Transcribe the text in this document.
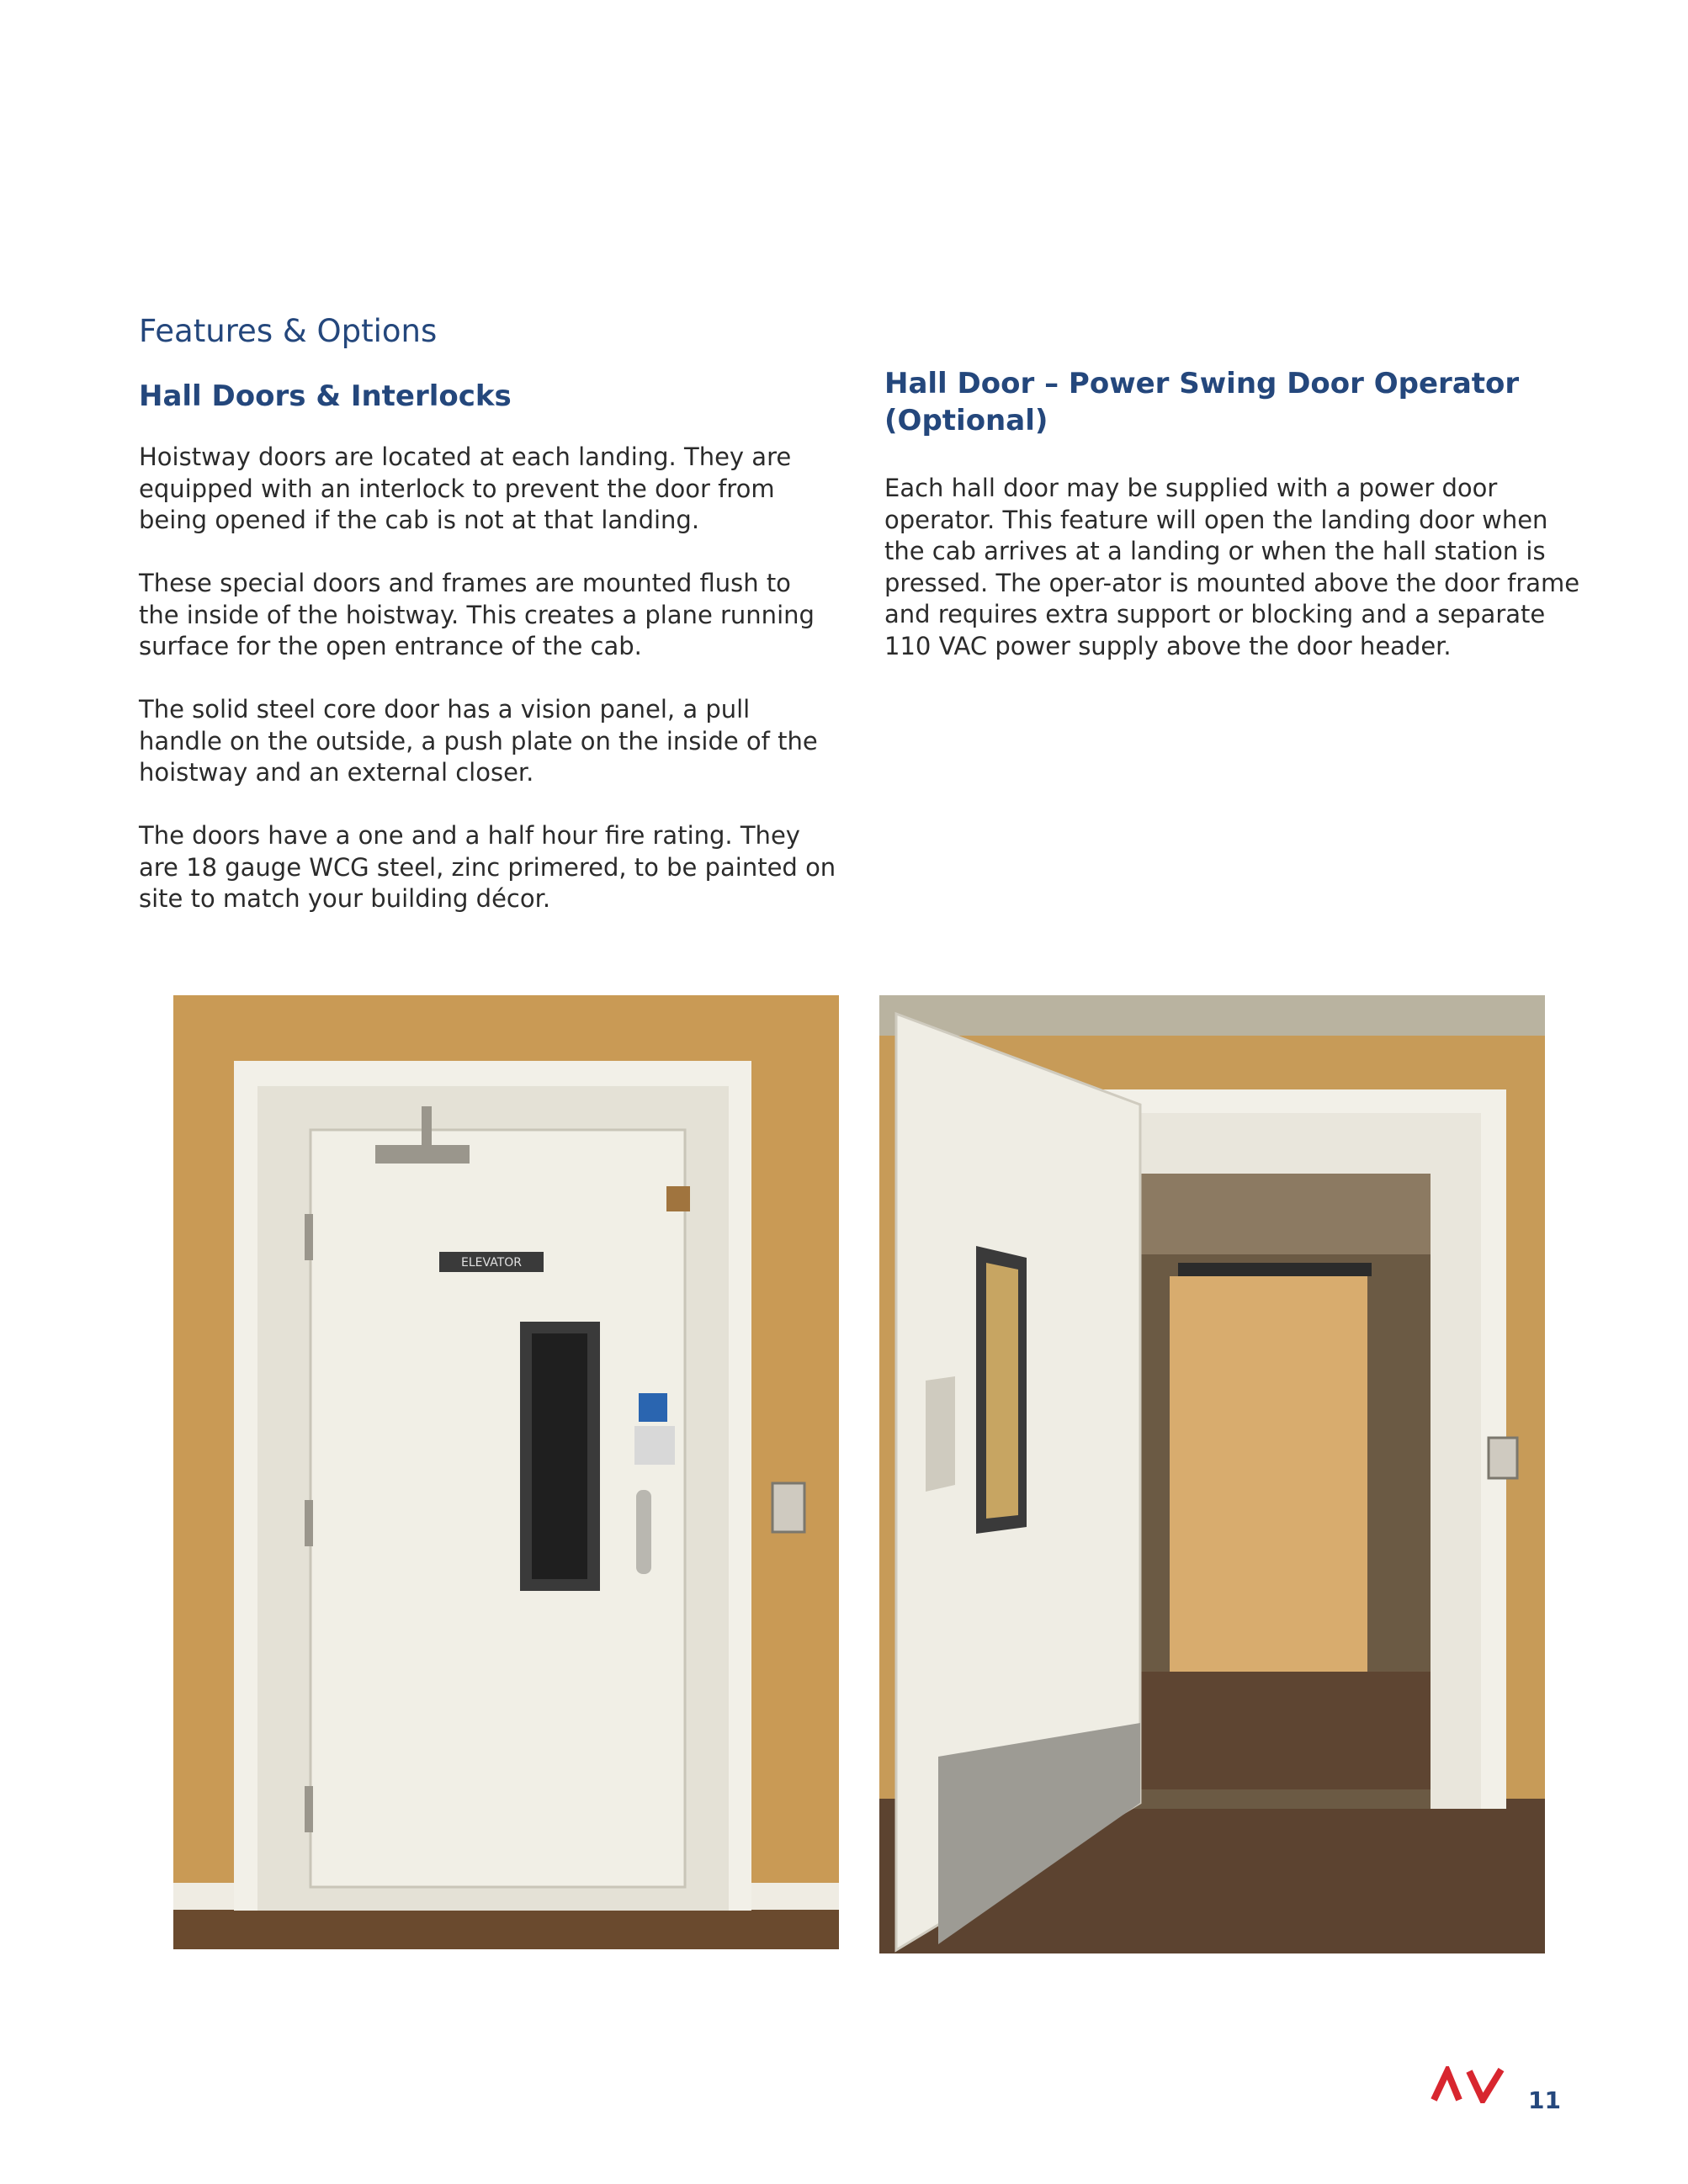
Features & Options
Hall Doors & Interlocks

Hoistway doors are located at each landing. They are equipped with an interlock to prevent the door from being opened if the cab is not at that landing.

These special doors and frames are mounted flush to the inside of the hoistway. This creates a plane running surface for the open entrance of the cab.

The solid steel core door has a vision panel, a pull handle on the outside, a push plate on the inside of the hoistway and an external closer.

The doors have a one and a half hour fire rating. They are 18 gauge WCG steel, zinc primered, to be painted on site to match your building décor.

Hall Door – Power Swing Door Operator
(Optional)

Each hall door may be supplied with a power door operator. This feature will open the landing door when the cab arrives at a landing or when the hall station is pressed. The oper-ator is mounted above the door frame and requires extra support or blocking and a separate 110 VAC power supply above the door header.

ELEVATOR
11
